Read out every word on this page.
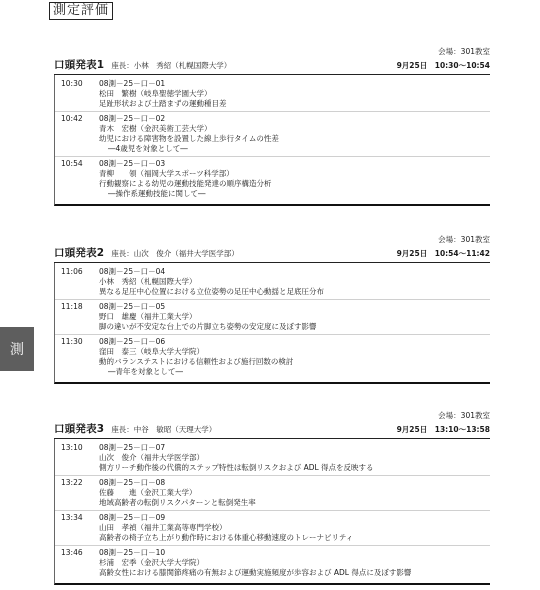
測定評価
測
会場：301教室
口頭発表1 座長：小林　秀紹（札幌国際大学）	9月25日　10:30〜10:54
10:30	08測－25－口－01
松田　繁樹（岐阜聖徳学園大学）
足趾形状および土踏まずの運動種目差
10:42	08測－25－口－02
青木　宏樹（金沢美術工芸大学）
幼児における障害物を設置した線上歩行タイムの性差
―4歳児を対象として―
10:54	08測－25－口－03
青柳　　領（福岡大学スポーツ科学部）
行動観察による幼児の運動技能発達の順序構造分析
―操作系運動技能に関して―
会場：301教室
口頭発表2 座長：山次　俊介（福井大学医学部）	9月25日　10:54〜11:42
11:06	08測－25－口－04
小林　秀紹（札幌国際大学）
異なる足圧中心位置における立位姿勢の足圧中心動揺と足底圧分布
11:18	08測－25－口－05
野口　雄慶（福井工業大学）
脚の違いが不安定な台上での片脚立ち姿勢の安定度に及ぼす影響
11:30	08測－25－口－06
窪田　泰三（岐阜大学大学院）
動的バランステストにおける信頼性および施行回数の検討
―青年を対象として―
会場：301教室
口頭発表3 座長：中谷　敏昭（天理大学）	9月25日　13:10〜13:58
13:10	08測－25－口－07
山次　俊介（福井大学医学部）
側方リーチ動作後の代償的ステップ特性は転倒リスクおよび ADL 得点を反映する
13:22	08測－25－口－08
佐藤　　進（金沢工業大学）
地域高齢者の転倒リスクパターンと転倒発生率
13:34	08測－25－口－09
山田　孝禎（福井工業高等専門学校）
高齢者の椅子立ち上がり動作時における体重心移動速度のトレーナビリティ
13:46	08測－25－口－10
杉浦　宏季（金沢大学大学院）
高齢女性における膝関節疼痛の有無および運動実施頻度が歩容および ADL 得点に及ぼす影響
